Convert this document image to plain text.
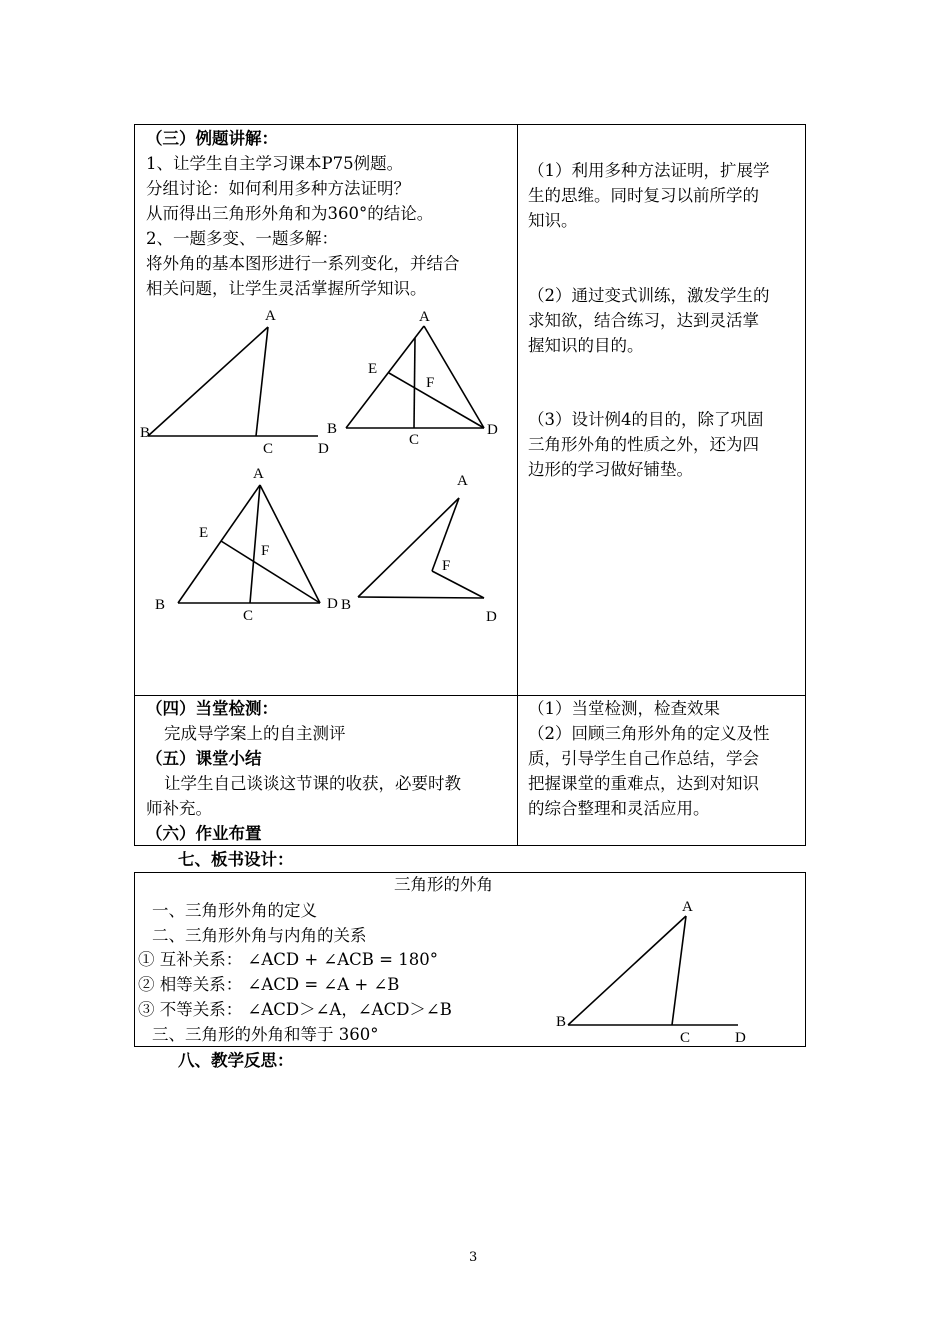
（三）例题讲解：
1、让学生自主学习课本P75例题。
分组讨论：如何利用多种方法证明？
从而得出三角形外角和为360°的结论。
2、一题多变、一题多解：
将外角的基本图形进行一系列变化，并结合
相关问题，让学生灵活掌握所学知识。
（1）利用多种方法证明，扩展学
生的思维。同时复习以前所学的
知识。
（2）通过变式训练，激发学生的
求知欲，结合练习，达到灵活掌
握知识的目的。
（3）设计例4的目的，除了巩固
三角形外角的性质之外，还为四
边形的学习做好铺垫。
A
B
C	D
A
B
C
D
E
F
A
B
C
D
E
F
A
B
D
F
（四）当堂检测：
完成导学案上的自主测评
（五）课堂小结
让学生自己谈谈这节课的收获，必要时教
师补充。
（六）作业布置
（1）当堂检测，检查效果
（2）回顾三角形外角的定义及性
质，引导学生自己作总结，学会
把握课堂的重难点，达到对知识
的综合整理和灵活应用。
七、板书设计：
三角形的外角
一、三角形外角的定义
二、三角形外角与内角的关系
① 互补关系： ∠ACD + ∠ACB = 180°
② 相等关系： ∠ACD = ∠A + ∠B
③ 不等关系： ∠ACD＞∠A，∠ACD＞∠B
三、三角形的外角和等于 360°
A
B
C	D
八、教学反思：
3
